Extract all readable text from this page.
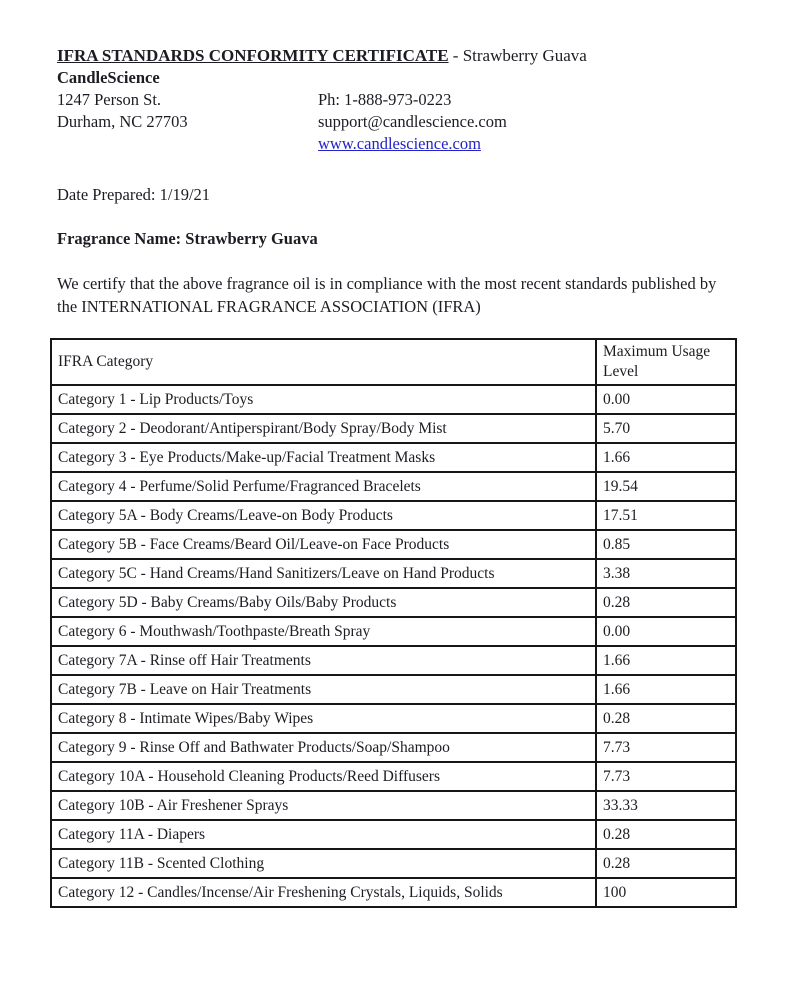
IFRA STANDARDS CONFORMITY CERTIFICATE - Strawberry Guava
CandleScience
1247 Person St.	Ph: 1-888-973-0223
Durham, NC 27703	support@candlescience.com
www.candlescience.com
Date Prepared: 1/19/21
Fragrance Name: Strawberry Guava

We certify that the above fragrance oil is in compliance with the most recent standards published by the INTERNATIONAL FRAGRANCE ASSOCIATION (IFRA)

IFRA Category	Maximum Usage Level
Category 1 - Lip Products/Toys	0.00
Category 2 - Deodorant/Antiperspirant/Body Spray/Body Mist	5.70
Category 3 - Eye Products/Make-up/Facial Treatment Masks	1.66
Category 4 - Perfume/Solid Perfume/Fragranced Bracelets	19.54
Category 5A - Body Creams/Leave-on Body Products	17.51
Category 5B - Face Creams/Beard Oil/Leave-on Face Products	0.85
Category 5C - Hand Creams/Hand Sanitizers/Leave on Hand Products	3.38
Category 5D - Baby Creams/Baby Oils/Baby Products	0.28
Category 6 - Mouthwash/Toothpaste/Breath Spray	0.00
Category 7A - Rinse off Hair Treatments	1.66
Category 7B - Leave on Hair Treatments	1.66
Category 8 - Intimate Wipes/Baby Wipes	0.28
Category 9 - Rinse Off and Bathwater Products/Soap/Shampoo	7.73
Category 10A - Household Cleaning Products/Reed Diffusers	7.73
Category 10B - Air Freshener Sprays	33.33
Category 11A - Diapers	0.28
Category 11B - Scented Clothing	0.28
Category 12 - Candles/Incense/Air Freshening Crystals, Liquids, Solids	100
